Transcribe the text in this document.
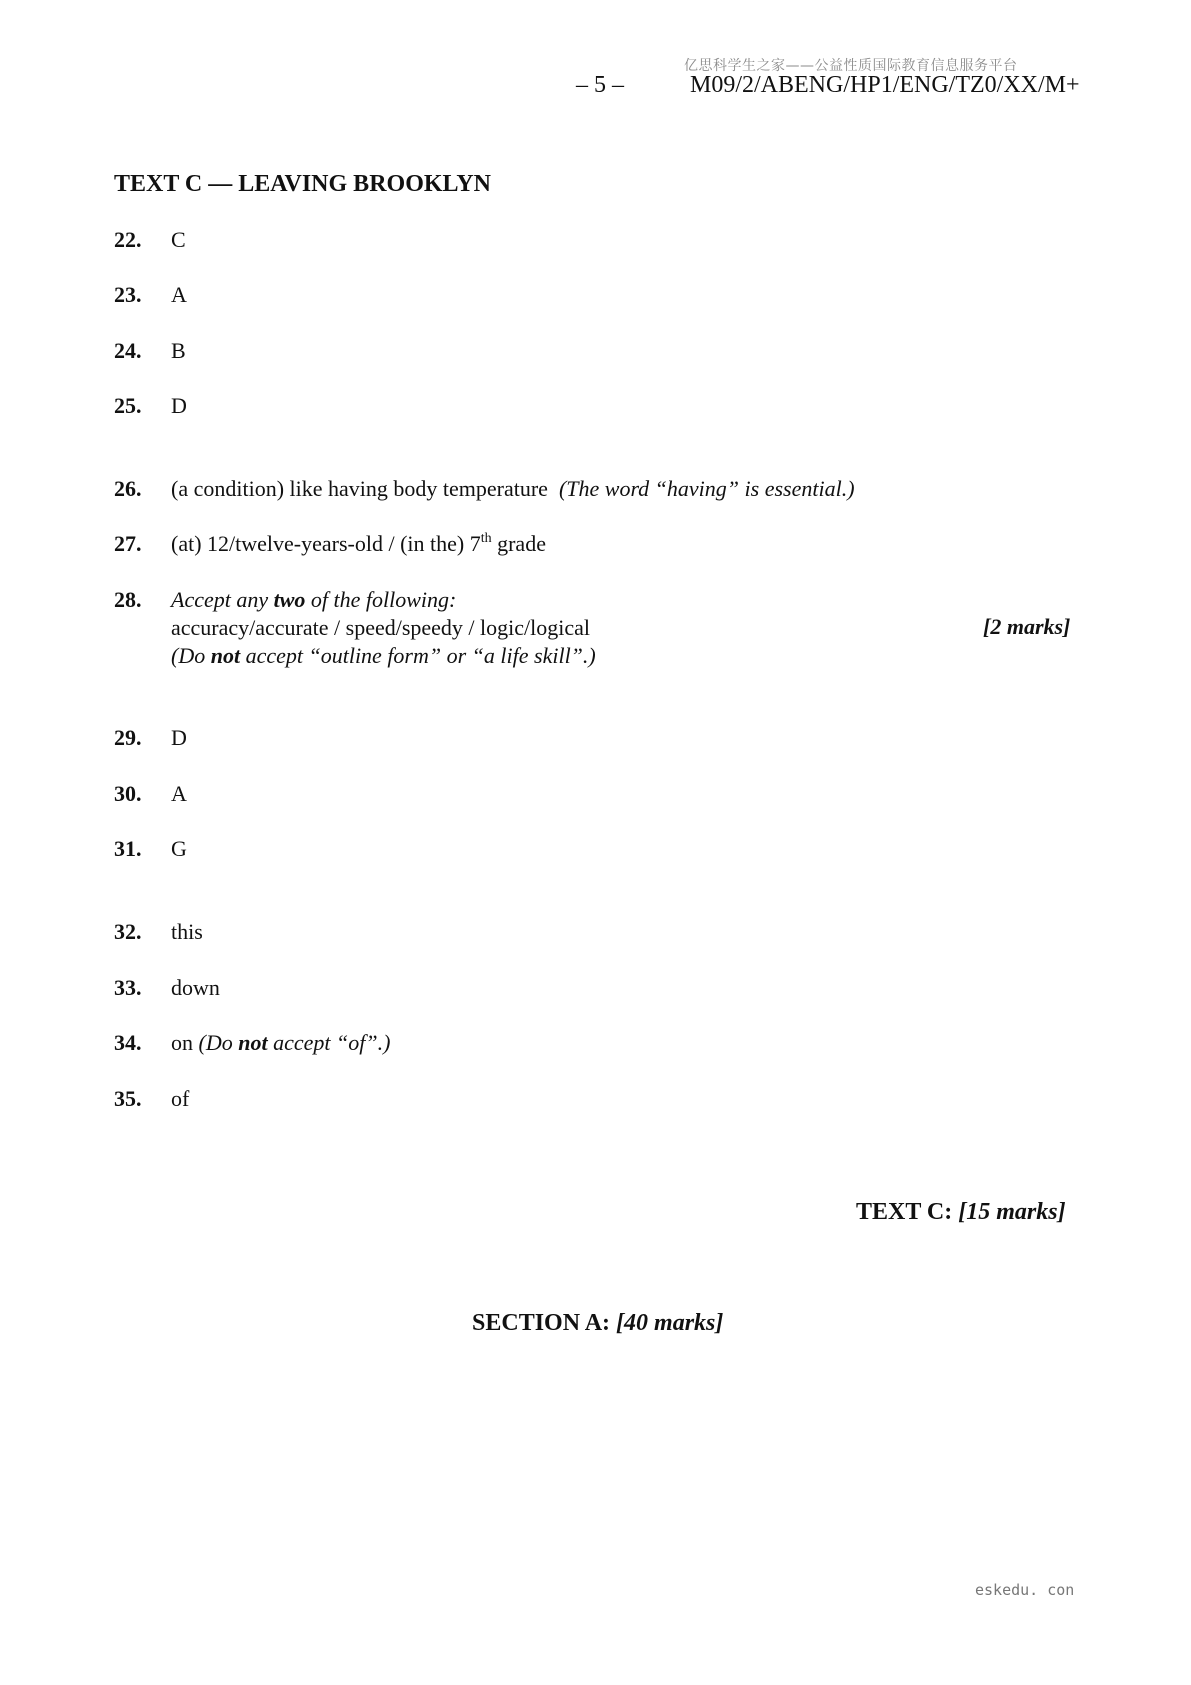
亿思科学生之家——公益性质国际教育信息服务平台
– 5 –	M09/2/ABENG/HP1/ENG/TZ0/XX/M+
TEXT C — LEAVING BROOKLYN
22.	C
23.	A
24.	B
25.	D
26.	(a condition) like having body temperature (The word “having” is essential.)
27.	(at) 12/twelve-years-old / (in the) 7th grade
28.	Accept any two of the following:
accuracy/accurate / speed/speedy / logic/logical
(Do not accept “outline form” or “a life skill”.)
[2 marks]
29.	D
30.	A
31.	G
32.	this
33.	down
34.	on (Do not accept “of”.)
35.	of
TEXT C: [15 marks]
SECTION A: [40 marks]
eskedu. con
